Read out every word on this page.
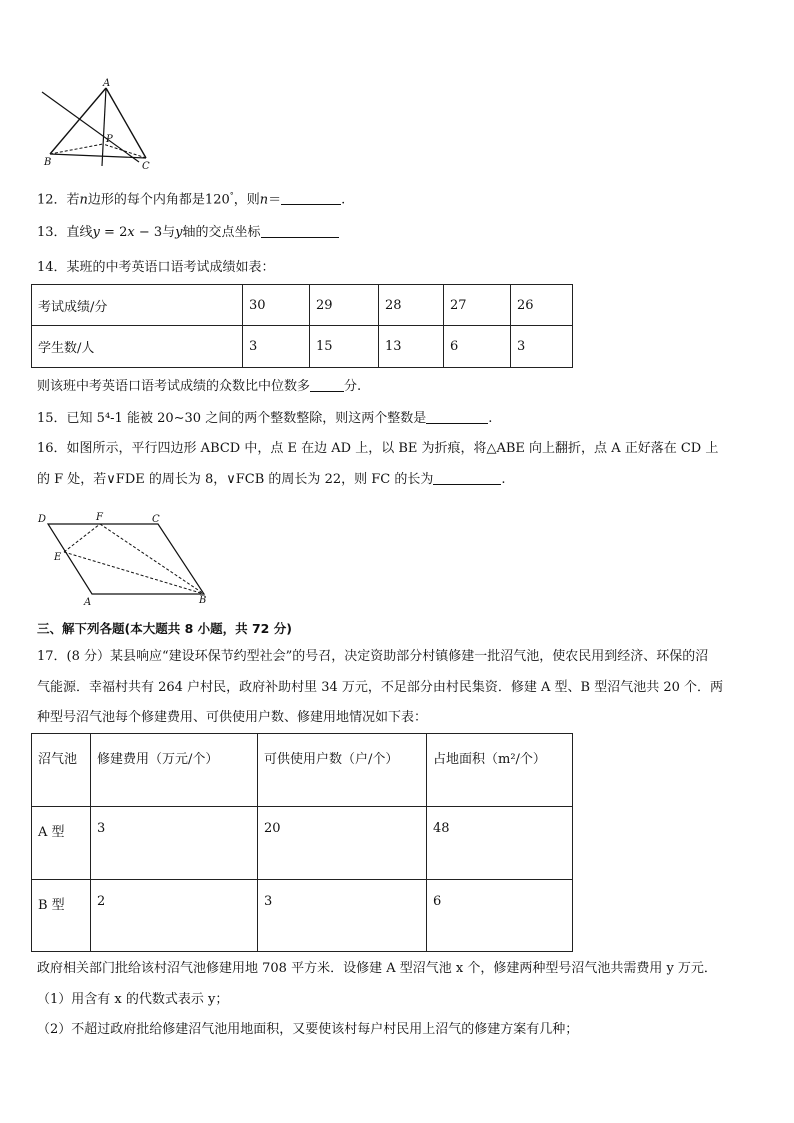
A
P
B	C
12．若n边形的每个内角都是120°，则n＝	.
13．直线y = 2x − 3与y轴的交点坐标
14．某班的中考英语口语考试成绩如表：
考试成绩/分	30	29	28	27	26
学生数/人	3	15	13	6	3
则该班中考英语口语考试成绩的众数比中位数多	分.
15．已知 5⁴-1 能被 20∼30 之间的两个整数整除，则这两个整数是	.
16．如图所示，平行四边形 ABCD 中，点 E 在边 AD 上，以 BE 为折痕，将△ABE 向上翻折，点 A 正好落在 CD 上
的 F 处，若∨FDE 的周长为 8，∨FCB 的周长为 22，则 FC 的长为	.
D	F	C
E
A	B
三、解下列各题(本大题共 8 小题，共 72 分)
17．(8 分）某县响应“建设环保节约型社会”的号召，决定资助部分村镇修建一批沼气池，使农民用到经济、环保的沼
气能源．幸福村共有 264 户村民，政府补助村里 34 万元，不足部分由村民集资．修建 A 型、B 型沼气池共 20 个．两
种型号沼气池每个修建费用、可供使用户数、修建用地情况如下表：
沼气池	修建费用（万元/个）	可供使用户数（户/个）	占地面积（m²/个）
A 型	3	20	48
B 型	2	3	6
政府相关部门批给该村沼气池修建用地 708 平方米．设修建 A 型沼气池 x 个，修建两种型号沼气池共需费用 y 万元．
（1）用含有 x 的代数式表示 y；
（2）不超过政府批给修建沼气池用地面积，又要使该村每户村民用上沼气的修建方案有几种；
